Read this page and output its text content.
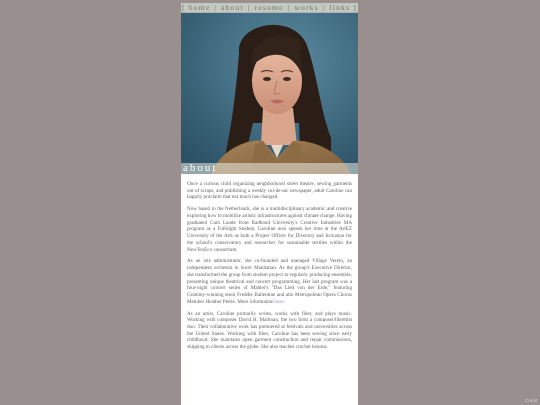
[ home | about | resume | works | links ]
about

Once a curious child organizing neighborhood street theatre, sewing garments out of scraps, and publishing a weekly cul-de-sac newspaper, adult Caroline can happily proclaim that not much has changed.

Now based in the Netherlands, she is a multidisciplinary academic and creative exploring how to mobilize artistic infrastructures against climate change. Having graduated Cum Laude from Radboud University's Creative Industries MA program as a Fulbright Student, Caroline now spends her time at the ArtEZ University of the Arts as both a Project Officer for Diversity and Inclusion for the school's conservatory and researcher for sustainable textiles within the NewTexEco consortium.

As an arts administrator, she co-founded and managed Village Verein, an independent orchestra in lower Manhattan. As the group's Executive Director, she transformed the group from student project to regularly producing ensemble, presenting unique theatrical and concert programming. Her last program was a four-night concert series of Mahler's "Das Lied von der Erde," featuring Grammy-winning tenor Freddie Ballentine and alto Metropolitan Opera Chorus Member Heather Petrie. More information here.

As an artist, Caroline primarily writes, works with fiber, and plays music. Working with composer David H. Mailman, the two form a composer/librettist duo. Their collaborative work has premiered at festivals and universities across the United States. Working with fiber, Caroline has been sewing since early childhood. She maintains open garment construction and repair commissions, shipping to clients across the globe. She also teaches crochet lessons.

Credit
